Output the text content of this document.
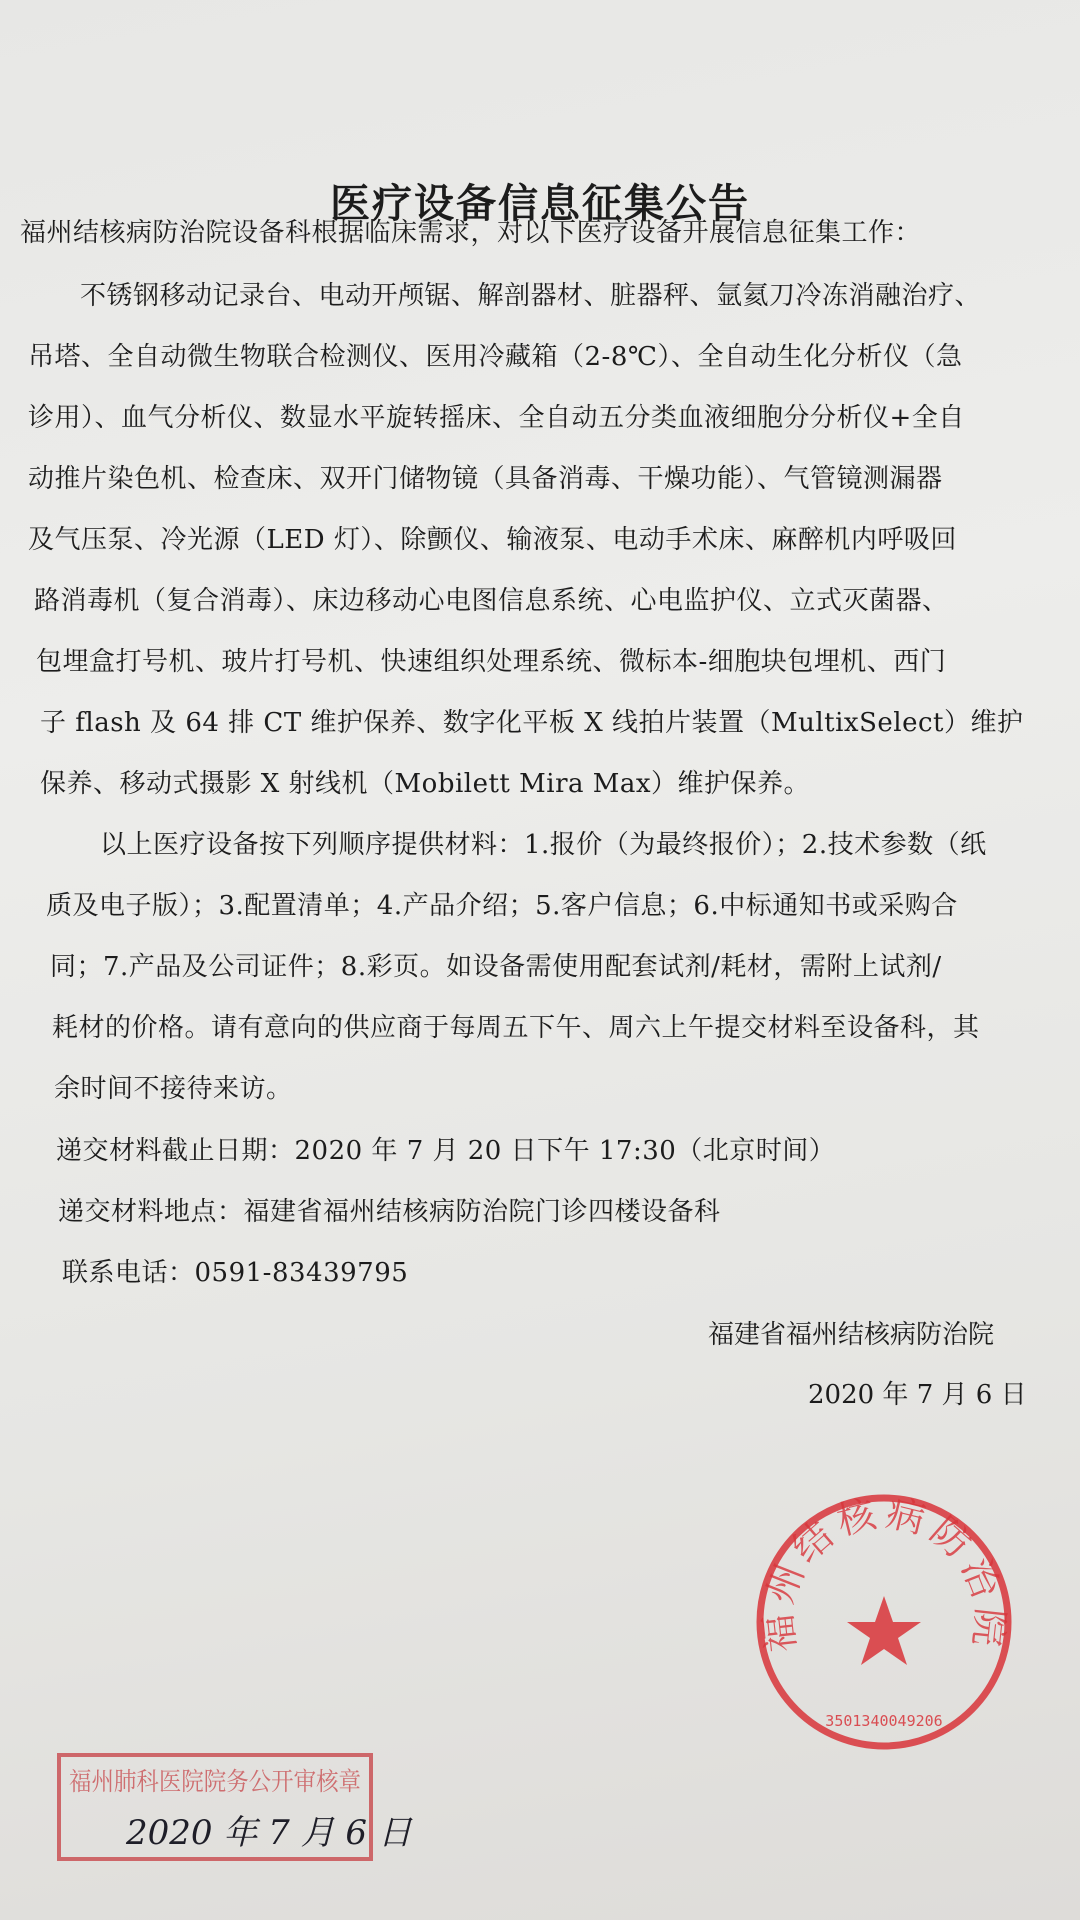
医疗设备信息征集公告
福州结核病防治院设备科根据临床需求，对以下医疗设备开展信息征集工作：
不锈钢移动记录台、电动开颅锯、解剖器材、脏器秤、氩氦刀冷冻消融治疗、
吊塔、全自动微生物联合检测仪、医用冷藏箱（2-8℃）、全自动生化分析仪（急
诊用）、血气分析仪、数显水平旋转摇床、全自动五分类血液细胞分分析仪+全自
动推片染色机、检查床、双开门储物镜（具备消毒、干燥功能）、气管镜测漏器
及气压泵、冷光源（LED 灯）、除颤仪、输液泵、电动手术床、麻醉机内呼吸回
路消毒机（复合消毒）、床边移动心电图信息系统、心电监护仪、立式灭菌器、
包埋盒打号机、玻片打号机、快速组织处理系统、微标本-细胞块包埋机、西门
子 flash 及 64 排 CT 维护保养、数字化平板 X 线拍片装置（MultixSelect）维护
保养、移动式摄影 X 射线机（Mobilett Mira Max）维护保养。
以上医疗设备按下列顺序提供材料：1.报价（为最终报价）；2.技术参数（纸
质及电子版）；3.配置清单；4.产品介绍；5.客户信息；6.中标通知书或采购合
同；7.产品及公司证件；8.彩页。如设备需使用配套试剂/耗材，需附上试剂/
耗材的价格。请有意向的供应商于每周五下午、周六上午提交材料至设备科，其
余时间不接待来访。
递交材料截止日期：2020 年 7 月 20 日下午 17:30（北京时间）
递交材料地点：福建省福州结核病防治院门诊四楼设备科
联系电话：0591-83439795
福建省福州结核病防治院
2020 年 7 月 6 日
福州结核病防治院
3501340049206
福州肺科医院院务公开审核章
2020 年 7 月 6 日
